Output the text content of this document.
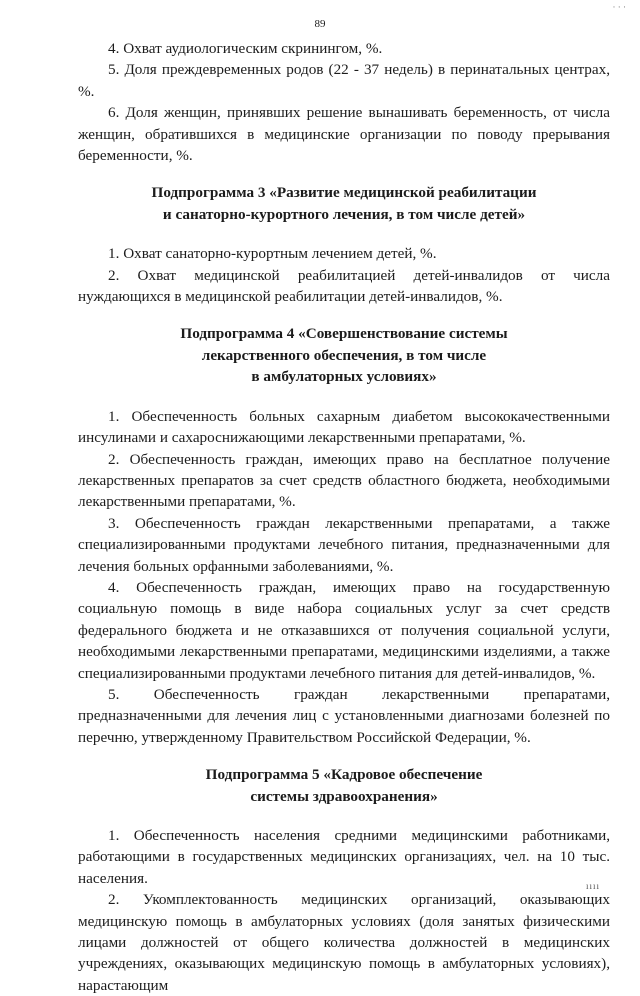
· · ·
89

4. Охват аудиологическим скринингом, %.

5. Доля преждевременных родов (22 - 37 недель) в перинатальных центрах, %.

6. Доля женщин, принявших решение вынашивать беременность, от числа женщин, обратившихся в медицинские организации по поводу прерывания беременности, %.

Подпрограмма 3 «Развитие медицинской реабилитации
и санаторно-курортного лечения, в том числе детей»

1. Охват санаторно-курортным лечением детей, %.

2. Охват медицинской реабилитацией детей-инвалидов от числа нуждающихся в медицинской реабилитации детей-инвалидов, %.

Подпрограмма 4 «Совершенствование системы
лекарственного обеспечения, в том числе
в амбулаторных условиях»

1. Обеспеченность больных сахарным диабетом высококачественными инсулинами и сахароснижающими лекарственными препаратами, %.

2. Обеспеченность граждан, имеющих право на бесплатное получение лекарственных препаратов за счет средств областного бюджета, необходимыми лекарственными препаратами, %.

3. Обеспеченность граждан лекарственными препаратами, а также специализированными продуктами лечебного питания, предназначенными для лечения больных орфанными заболеваниями, %.

4. Обеспеченность граждан, имеющих право на государственную социальную помощь в виде набора социальных услуг за счет средств федерального бюджета и не отказавшихся от получения социальной услуги, необходимыми лекарственными препаратами, медицинскими изделиями, а также специализированными продуктами лечебного питания для детей-инвалидов, %.

5. Обеспеченность граждан лекарственными препаратами, предназначенными для лечения лиц с установленными диагнозами болезней по перечню, утвержденному Правительством Российской Федерации, %.

Подпрограмма 5 «Кадровое обеспечение
системы здравоохранения»

1. Обеспеченность населения средними медицинскими работниками, работающими в государственных медицинских организациях, чел. на 10 тыс. населения.

2. Укомплектованность медицинских организаций, оказывающих медицинскую помощь в амбулаторных условиях (доля занятых физическими лицами должностей от общего количества должностей в медицинских учреждениях, оказывающих медицинскую помощь в амбулаторных условиях), нарастающим

ıııı
